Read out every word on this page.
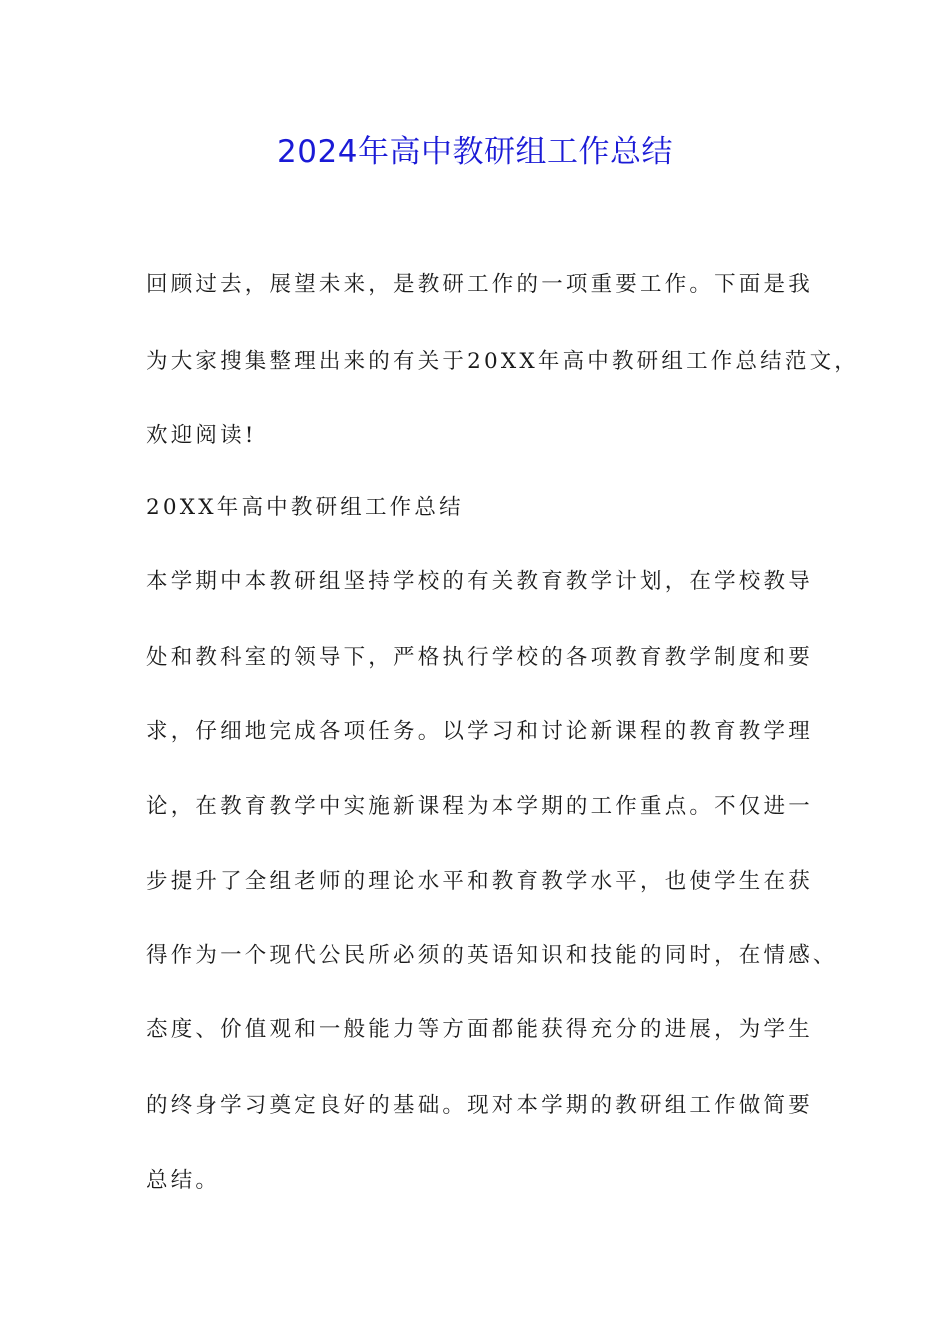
2024年高中教研组工作总结
回顾过去，展望未来，是教研工作的一项重要工作。下面是我
为大家搜集整理出来的有关于20XX年高中教研组工作总结范文，
欢迎阅读!
20XX年高中教研组工作总结
本学期中本教研组坚持学校的有关教育教学计划，在学校教导
处和教科室的领导下，严格执行学校的各项教育教学制度和要
求，仔细地完成各项任务。以学习和讨论新课程的教育教学理
论，在教育教学中实施新课程为本学期的工作重点。不仅进一
步提升了全组老师的理论水平和教育教学水平，也使学生在获
得作为一个现代公民所必须的英语知识和技能的同时，在情感、
态度、价值观和一般能力等方面都能获得充分的进展，为学生
的终身学习奠定良好的基础。现对本学期的教研组工作做简要
总结。
